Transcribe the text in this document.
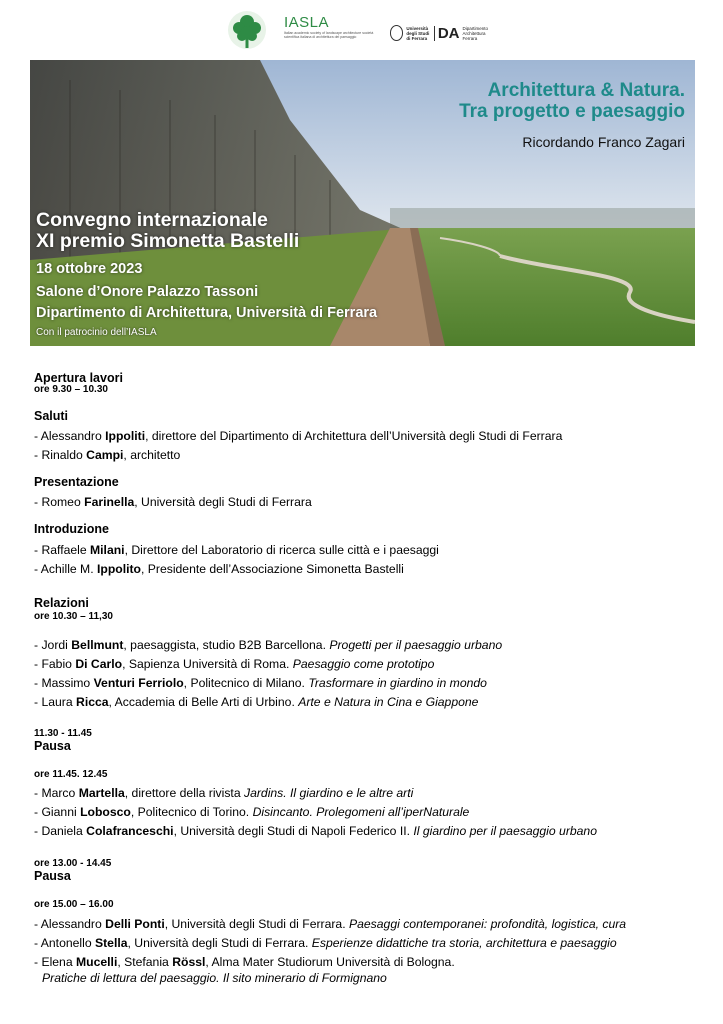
IASLA
Italian academic society of landscape architecture società scientifica italiana di architettura del paesaggio
Università degli Studi di Ferrara DA Dipartimento Architettura Ferrara
Architettura & Natura.
Tra progetto e paesaggio
Ricordando Franco Zagari
Convegno internazionale
XI premio Simonetta Bastelli
18 ottobre 2023
Salone d’Onore Palazzo Tassoni
Dipartimento di Architettura, Università di Ferrara
Con il patrocinio dell’IASLA
Apertura lavori
ore 9.30 – 10.30
Saluti
- Alessandro Ippoliti, direttore del Dipartimento di Architettura dell’Università degli Studi di Ferrara
- Rinaldo Campi, architetto
Presentazione
- Romeo Farinella, Università degli Studi di Ferrara
Introduzione
- Raffaele Milani, Direttore del Laboratorio di ricerca sulle città e i paesaggi
- Achille M. Ippolito, Presidente dell’Associazione Simonetta Bastelli
Relazioni
ore 10.30 – 11,30
- Jordi Bellmunt, paesaggista, studio B2B Barcellona. Progetti per il paesaggio urbano
- Fabio Di Carlo, Sapienza Università di Roma. Paesaggio come prototipo
- Massimo Venturi Ferriolo, Politecnico di Milano. Trasformare in giardino in mondo
- Laura Ricca, Accademia di Belle Arti di Urbino. Arte e Natura in Cina e Giappone
11.30 - 11.45
Pausa
ore 11.45. 12.45
- Marco Martella, direttore della rivista Jardins. Il giardino e le altre arti
- Gianni Lobosco, Politecnico di Torino. Disincanto. Prolegomeni all’iperNaturale
- Daniela Colafranceschi, Università degli Studi di Napoli Federico II. Il giardino per il paesaggio urbano
ore 13.00 - 14.45
Pausa
ore 15.00 – 16.00
- Alessandro Delli Ponti, Università degli Studi di Ferrara. Paesaggi contemporanei: profondità, logistica, cura
- Antonello Stella, Università degli Studi di Ferrara. Esperienze didattiche tra storia, architettura e paesaggio
- Elena Mucelli, Stefania Rössl, Alma Mater Studiorum Università di Bologna.
Pratiche di lettura del paesaggio. Il sito minerario di Formignano
